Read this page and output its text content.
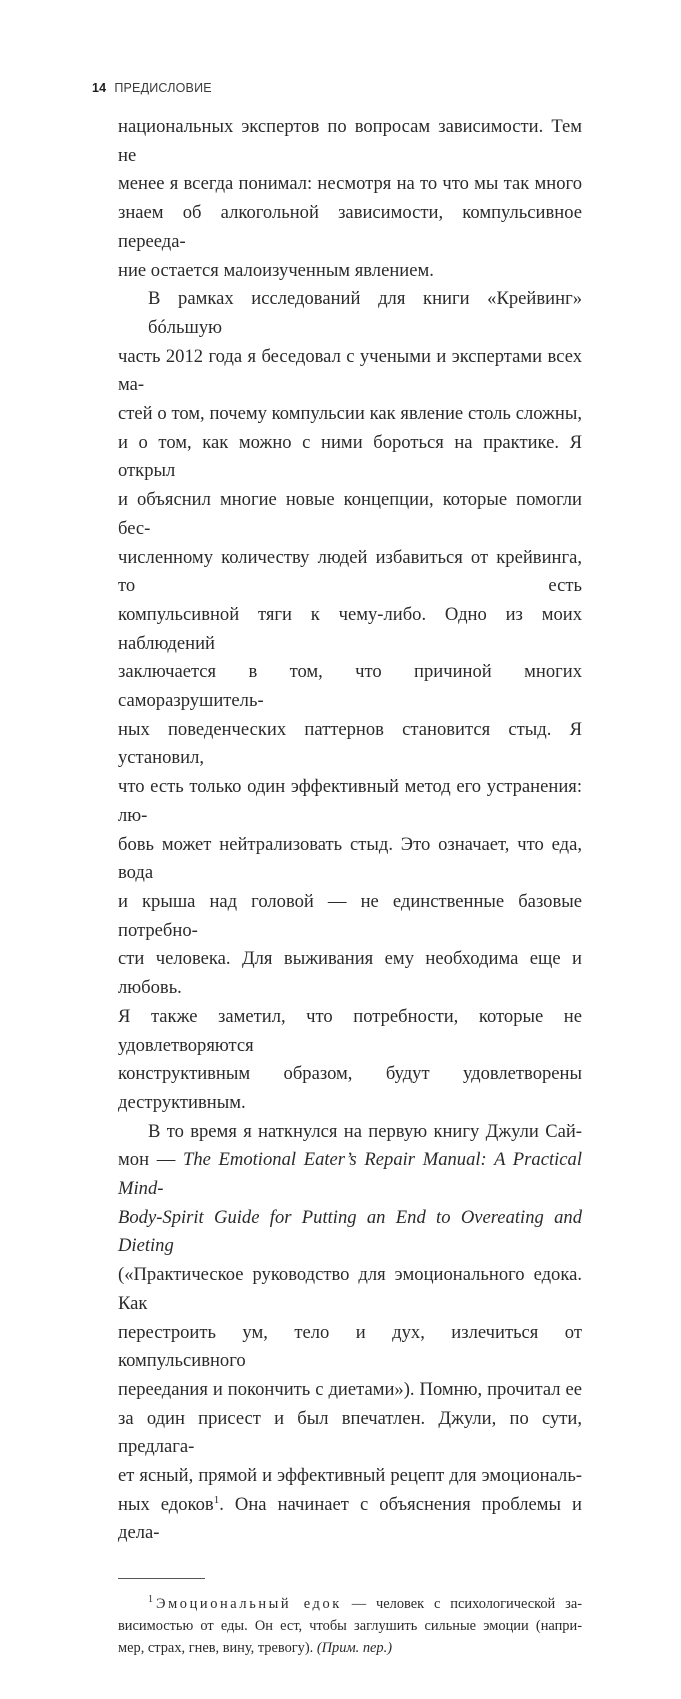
14 ПРЕДИСЛОВИЕ
национальных экспертов по вопросам зависимости. Тем не
менее я всегда понимал: несмотря на то что мы так много
знаем об алкогольной зависимости, компульсивное перееда-
ние остается малоизученным явлением.
В рамках исследований для книги «Крейвинг» бóльшую
часть 2012 года я беседовал с учеными и экспертами всех ма-
стей о том, почему компульсии как явление столь сложны,
и о том, как можно с ними бороться на практике. Я открыл
и объяснил многие новые концепции, которые помогли бес-
численному количеству людей избавиться от крейвинга, то есть
компульсивной тяги к чему-либо. Одно из моих наблюдений
заключается в том, что причиной многих саморазрушитель-
ных поведенческих паттернов становится стыд. Я установил,
что есть только один эффективный метод его устранения: лю-
бовь может нейтрализовать стыд. Это означает, что еда, вода
и крыша над головой — не единственные базовые потребно-
сти человека. Для выживания ему необходима еще и любовь.
Я также заметил, что потребности, которые не удовлетворяются
конструктивным образом, будут удовлетворены деструктивным.
В то время я наткнулся на первую книгу Джули Сай-
мон — The Emotional Eater’s Repair Manual: A Practical Mind-
Body-Spirit Guide for Putting an End to Overeating and Dieting
(«Практическое руководство для эмоционального едока. Как
перестроить ум, тело и дух, излечиться от компульсивного
переедания и покончить с диетами»). Помню, прочитал ее
за один присест и был впечатлен. Джули, по сути, предлага-
ет ясный, прямой и эффективный рецепт для эмоциональ-
ных едоков$^1$. Она начинает с объяснения проблемы и дела-
$^1$ Эмоциональный едок — человек с психологической за-
висимостью от еды. Он ест, чтобы заглушить сильные эмоции (напри-
мер, страх, гнев, вину, тревогу). (Прим. пер.)
